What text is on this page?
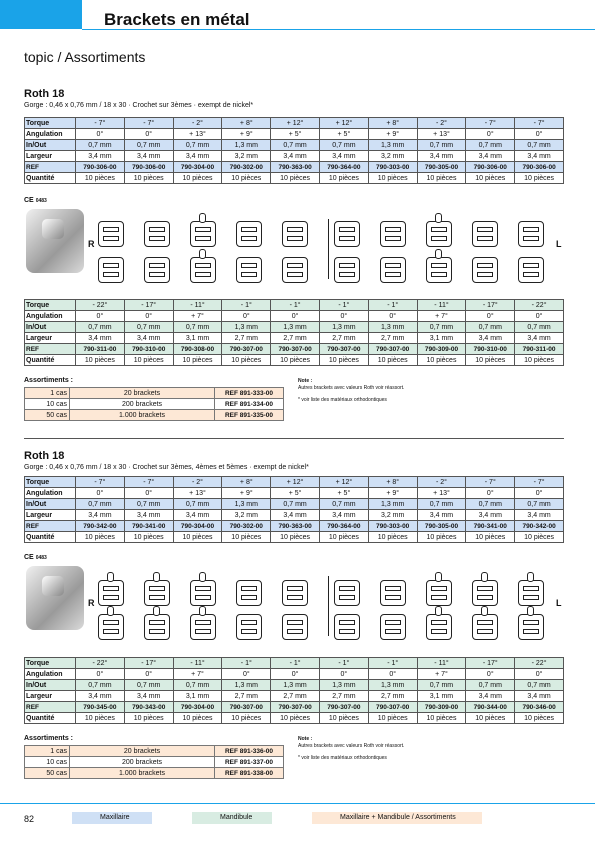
Brackets en métal
topic / Assortiments
Roth 18
Gorge : 0,46 x 0,76 mm / 18 x 30 · Crochet sur 3èmes · exempt de nickel*
Torque	- 7°	- 7°	- 2°	+ 8°	+ 12°	+ 12°	+ 8°	- 2°	- 7°	- 7°
Angulation	0°	0°	+ 13°	+ 9°	+ 5°	+ 5°	+ 9°	+ 13°	0°	0°
In/Out	0,7 mm	0,7 mm	0,7 mm	1,3 mm	0,7 mm	0,7 mm	1,3 mm	0,7 mm	0,7 mm	0,7 mm
Largeur	3,4 mm	3,4 mm	3,4 mm	3,2 mm	3,4 mm	3,4 mm	3,2 mm	3,4 mm	3,4 mm	3,4 mm
REF	790-306-00	790-306-00	790-304-00	790-302-00	790-363-00	790-364-00	790-303-00	790-305-00	790-306-00	790-306-00
Quantité	10 pièces	10 pièces	10 pièces	10 pièces	10 pièces	10 pièces	10 pièces	10 pièces	10 pièces	10 pièces
CE 0483
R	L
Torque	- 22°	- 17°	- 11°	- 1°	- 1°	- 1°	- 1°	- 11°	- 17°	- 22°
Angulation	0°	0°	+ 7°	0°	0°	0°	0°	+ 7°	0°	0°
In/Out	0,7 mm	0,7 mm	0,7 mm	1,3 mm	1,3 mm	1,3 mm	1,3 mm	0,7 mm	0,7 mm	0,7 mm
Largeur	3,4 mm	3,4 mm	3,1 mm	2,7 mm	2,7 mm	2,7 mm	2,7 mm	3,1 mm	3,4 mm	3,4 mm
REF	790-311-00	790-310-00	790-308-00	790-307-00	790-307-00	790-307-00	790-307-00	790-309-00	790-310-00	790-311-00
Quantité	10 pièces	10 pièces	10 pièces	10 pièces	10 pièces	10 pièces	10 pièces	10 pièces	10 pièces	10 pièces
Assortiments :
1 cas	20 brackets	REF 891-333-00
10 cas	200 brackets	REF 891-334-00
50 cas	1.000 brackets	REF 891-335-00
Note :
Autres brackets avec valeurs Roth voir réassort.
* voir liste des matériaux orthodontiques
Roth 18
Gorge : 0,46 x 0,76 mm / 18 x 30 · Crochet sur 3èmes, 4èmes et 5èmes · exempt de nickel*
Torque	- 7°	- 7°	- 2°	+ 8°	+ 12°	+ 12°	+ 8°	- 2°	- 7°	- 7°
Angulation	0°	0°	+ 13°	+ 9°	+ 5°	+ 5°	+ 9°	+ 13°	0°	0°
In/Out	0,7 mm	0,7 mm	0,7 mm	1,3 mm	0,7 mm	0,7 mm	1,3 mm	0,7 mm	0,7 mm	0,7 mm
Largeur	3,4 mm	3,4 mm	3,4 mm	3,2 mm	3,4 mm	3,4 mm	3,2 mm	3,4 mm	3,4 mm	3,4 mm
REF	790-342-00	790-341-00	790-304-00	790-302-00	790-363-00	790-364-00	790-303-00	790-305-00	790-341-00	790-342-00
Quantité	10 pièces	10 pièces	10 pièces	10 pièces	10 pièces	10 pièces	10 pièces	10 pièces	10 pièces	10 pièces
CE 0483
R	L
Torque	- 22°	- 17°	- 11°	- 1°	- 1°	- 1°	- 1°	- 11°	- 17°	- 22°
Angulation	0°	0°	+ 7°	0°	0°	0°	0°	+ 7°	0°	0°
In/Out	0,7 mm	0,7 mm	0,7 mm	1,3 mm	1,3 mm	1,3 mm	1,3 mm	0,7 mm	0,7 mm	0,7 mm
Largeur	3,4 mm	3,4 mm	3,1 mm	2,7 mm	2,7 mm	2,7 mm	2,7 mm	3,1 mm	3,4 mm	3,4 mm
REF	790-345-00	790-343-00	790-304-00	790-307-00	790-307-00	790-307-00	790-307-00	790-309-00	790-344-00	790-346-00
Quantité	10 pièces	10 pièces	10 pièces	10 pièces	10 pièces	10 pièces	10 pièces	10 pièces	10 pièces	10 pièces
Assortiments :
1 cas	20 brackets	REF 891-336-00
10 cas	200 brackets	REF 891-337-00
50 cas	1.000 brackets	REF 891-338-00
Note :
Autres brackets avec valeurs Roth voir réassort.
* voir liste des matériaux orthodontiques
82	Maxillaire	Mandibule	Maxillaire + Mandibule / Assortiments
